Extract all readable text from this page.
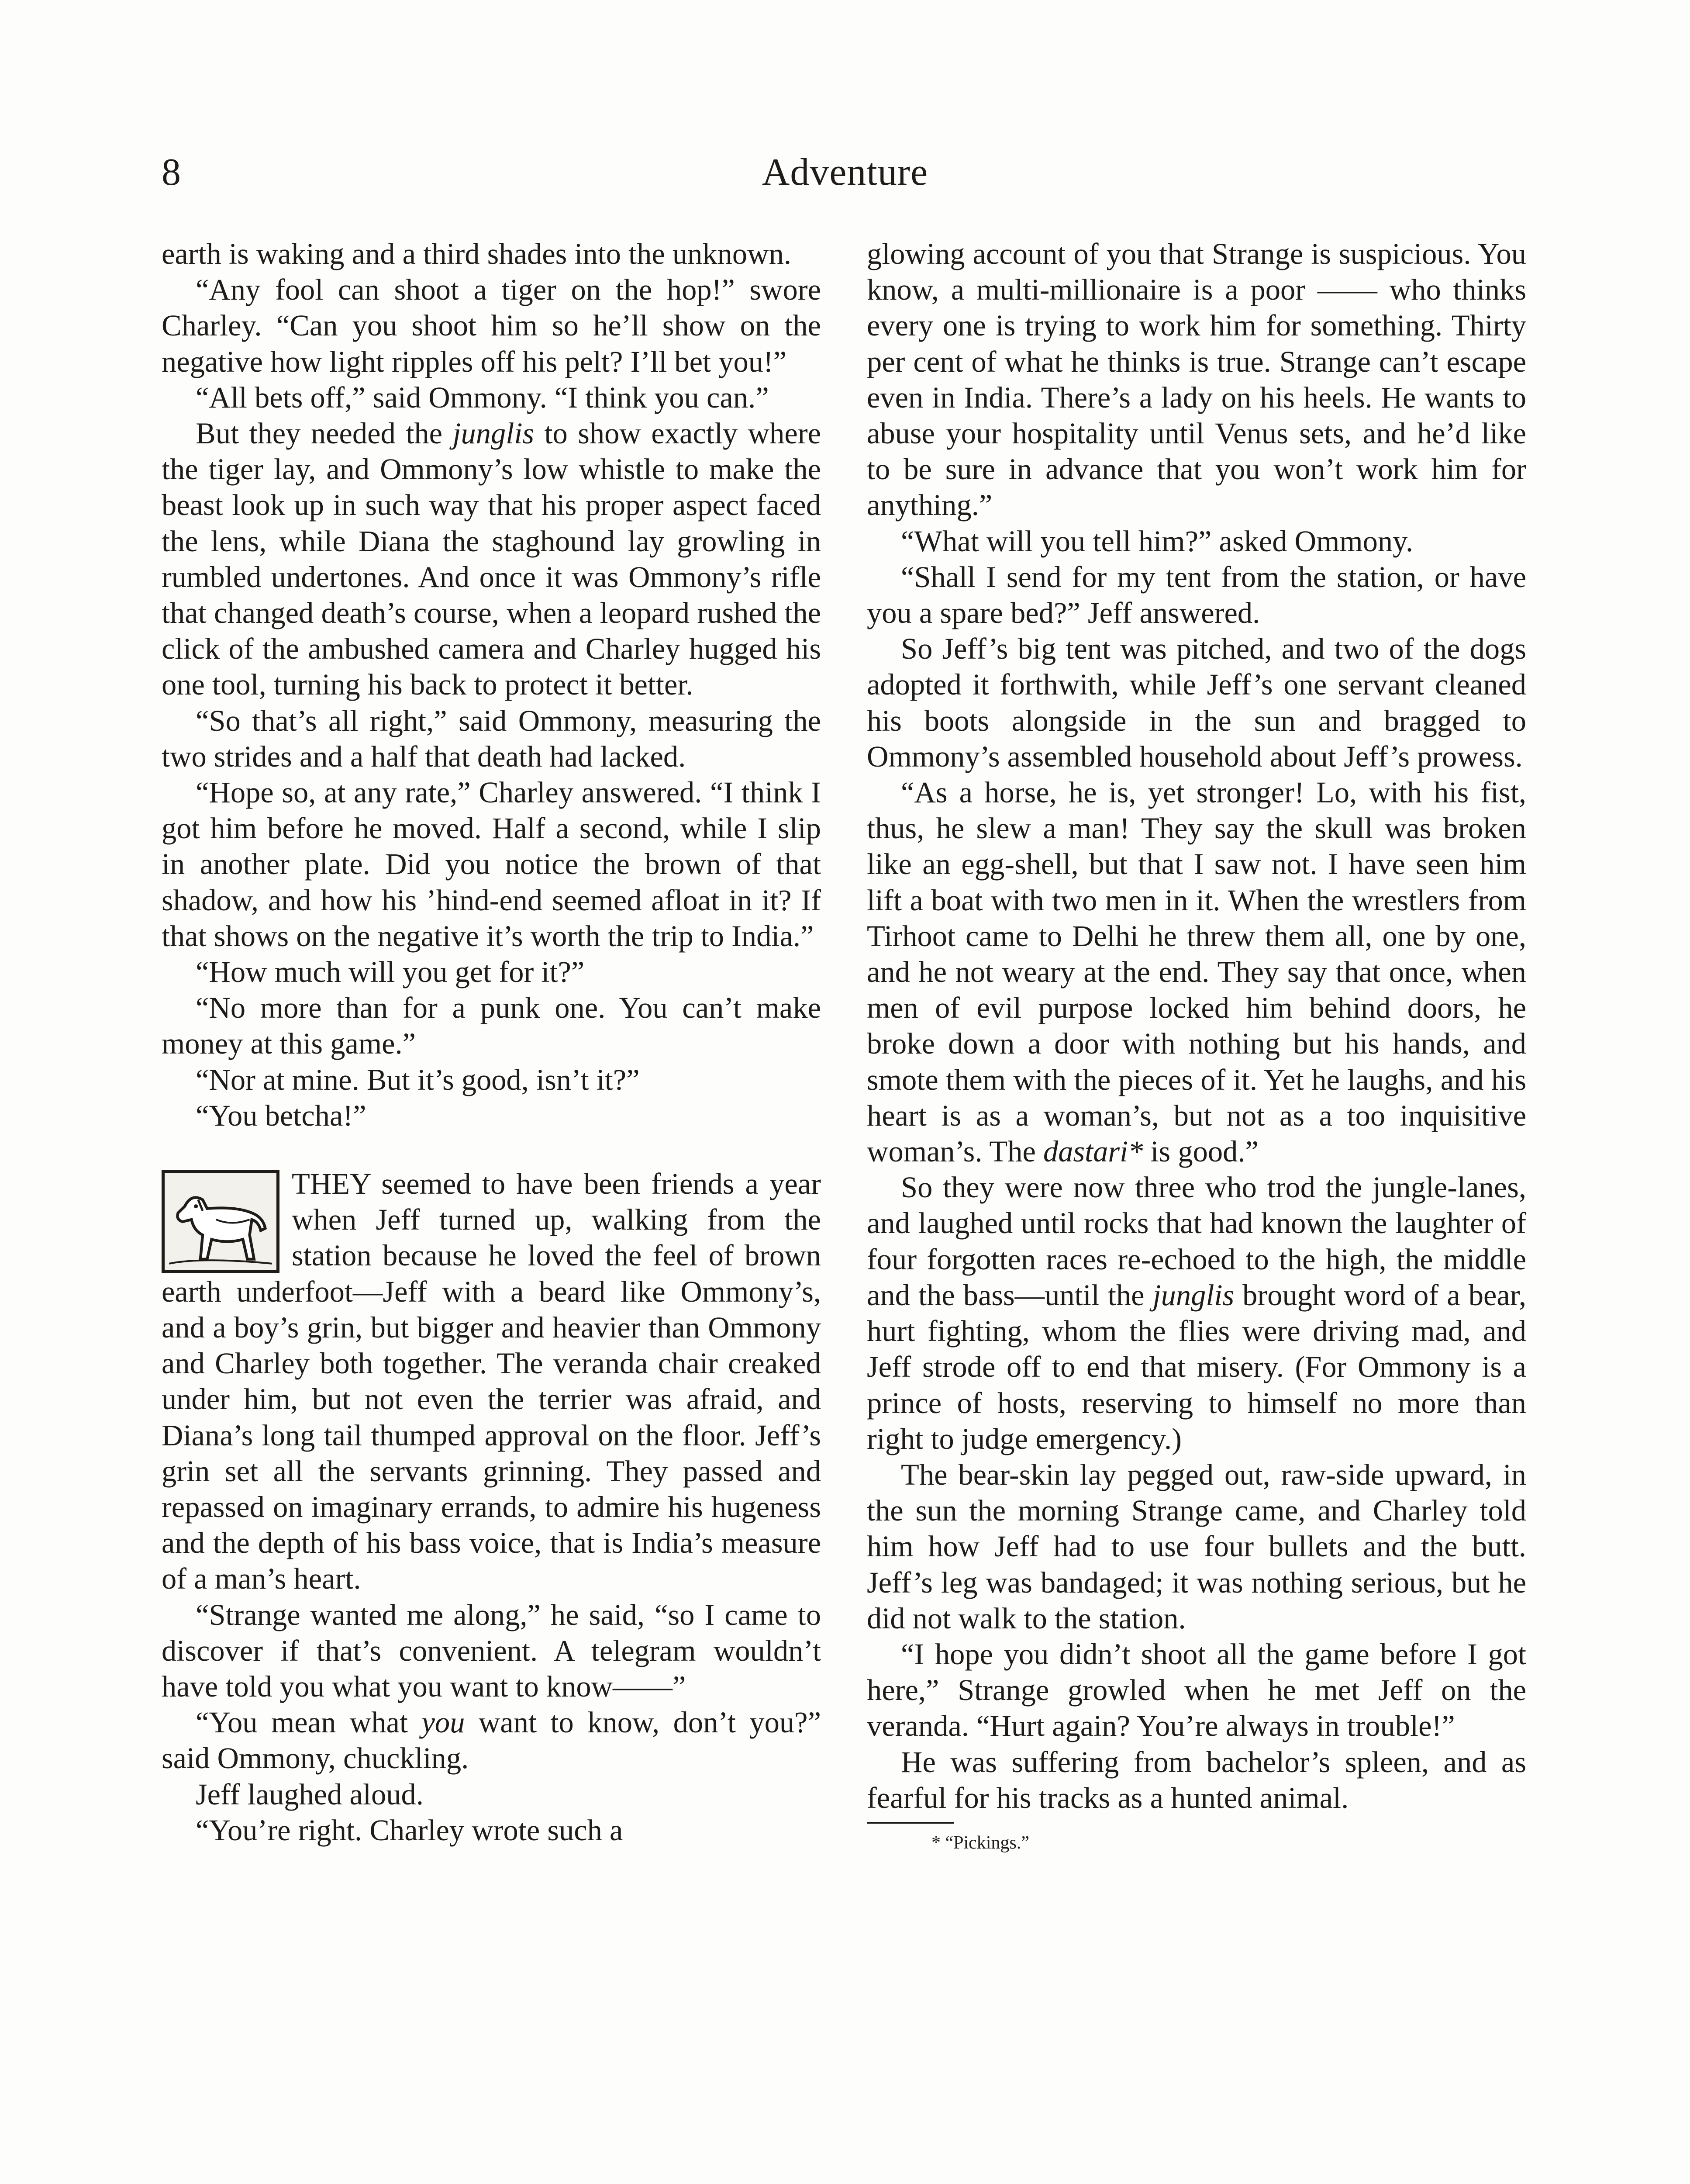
8	Adventure

earth is waking and a third shades into the unknown.

“Any fool can shoot a tiger on the hop!” swore Charley. “Can you shoot him so he’ll show on the negative how light ripples off his pelt? I’ll bet you!”

“All bets off,” said Ommony. “I think you can.”

But they needed the junglis to show exactly where the tiger lay, and Ommony’s low whistle to make the beast look up in such way that his proper aspect faced the lens, while Diana the staghound lay growling in rumbled undertones. And once it was Ommony’s rifle that changed death’s course, when a leopard rushed the click of the ambushed camera and Charley hugged his one tool, turning his back to protect it better.

“So that’s all right,” said Ommony, measuring the two strides and a half that death had lacked.

“Hope so, at any rate,” Charley answered. “I think I got him before he moved. Half a second, while I slip in another plate. Did you notice the brown of that shadow, and how his ’hind-end seemed afloat in it? If that shows on the negative it’s worth the trip to India.”

“How much will you get for it?”

“No more than for a punk one. You can’t make money at this game.”

“Nor at mine. But it’s good, isn’t it?”

“You betcha!”

THEY seemed to have been friends a year when Jeff turned up, walking from the station because he loved the feel of brown earth underfoot—Jeff with a beard like Ommony’s, and a boy’s grin, but bigger and heavier than Ommony and Charley both together. The veranda chair creaked under him, but not even the terrier was afraid, and Diana’s long tail thumped approval on the floor. Jeff’s grin set all the servants grinning. They passed and repassed on imaginary errands, to admire his hugeness and the depth of his bass voice, that is India’s measure of a man’s heart.

“Strange wanted me along,” he said, “so I came to discover if that’s convenient. A telegram wouldn’t have told you what you want to know——”

“You mean what you want to know, don’t you?” said Ommony, chuckling.

Jeff laughed aloud.

“You’re right. Charley wrote such a

glowing account of you that Strange is suspicious. You know, a multi-millionaire is a poor —— who thinks every one is trying to work him for something. Thirty per cent of what he thinks is true. Strange can’t escape even in India. There’s a lady on his heels. He wants to abuse your hospitality until Venus sets, and he’d like to be sure in advance that you won’t work him for anything.”

“What will you tell him?” asked Ommony.

“Shall I send for my tent from the station, or have you a spare bed?” Jeff answered.

So Jeff’s big tent was pitched, and two of the dogs adopted it forthwith, while Jeff’s one servant cleaned his boots alongside in the sun and bragged to Ommony’s assembled household about Jeff’s prowess.

“As a horse, he is, yet stronger! Lo, with his fist, thus, he slew a man! They say the skull was broken like an egg-shell, but that I saw not. I have seen him lift a boat with two men in it. When the wrestlers from Tirhoot came to Delhi he threw them all, one by one, and he not weary at the end. They say that once, when men of evil purpose locked him behind doors, he broke down a door with nothing but his hands, and smote them with the pieces of it. Yet he laughs, and his heart is as a woman’s, but not as a too inquisitive woman’s. The dastari* is good.”

So they were now three who trod the jungle-lanes, and laughed until rocks that had known the laughter of four forgotten races re-echoed to the high, the middle and the bass—until the junglis brought word of a bear, hurt fighting, whom the flies were driving mad, and Jeff strode off to end that misery. (For Ommony is a prince of hosts, reserving to himself no more than right to judge emergency.)

The bear-skin lay pegged out, raw-side upward, in the sun the morning Strange came, and Charley told him how Jeff had to use four bullets and the butt. Jeff’s leg was bandaged; it was nothing serious, but he did not walk to the station.

“I hope you didn’t shoot all the game before I got here,” Strange growled when he met Jeff on the veranda. “Hurt again? You’re always in trouble!”

He was suffering from bachelor’s spleen, and as fearful for his tracks as a hunted animal.

* “Pickings.”
